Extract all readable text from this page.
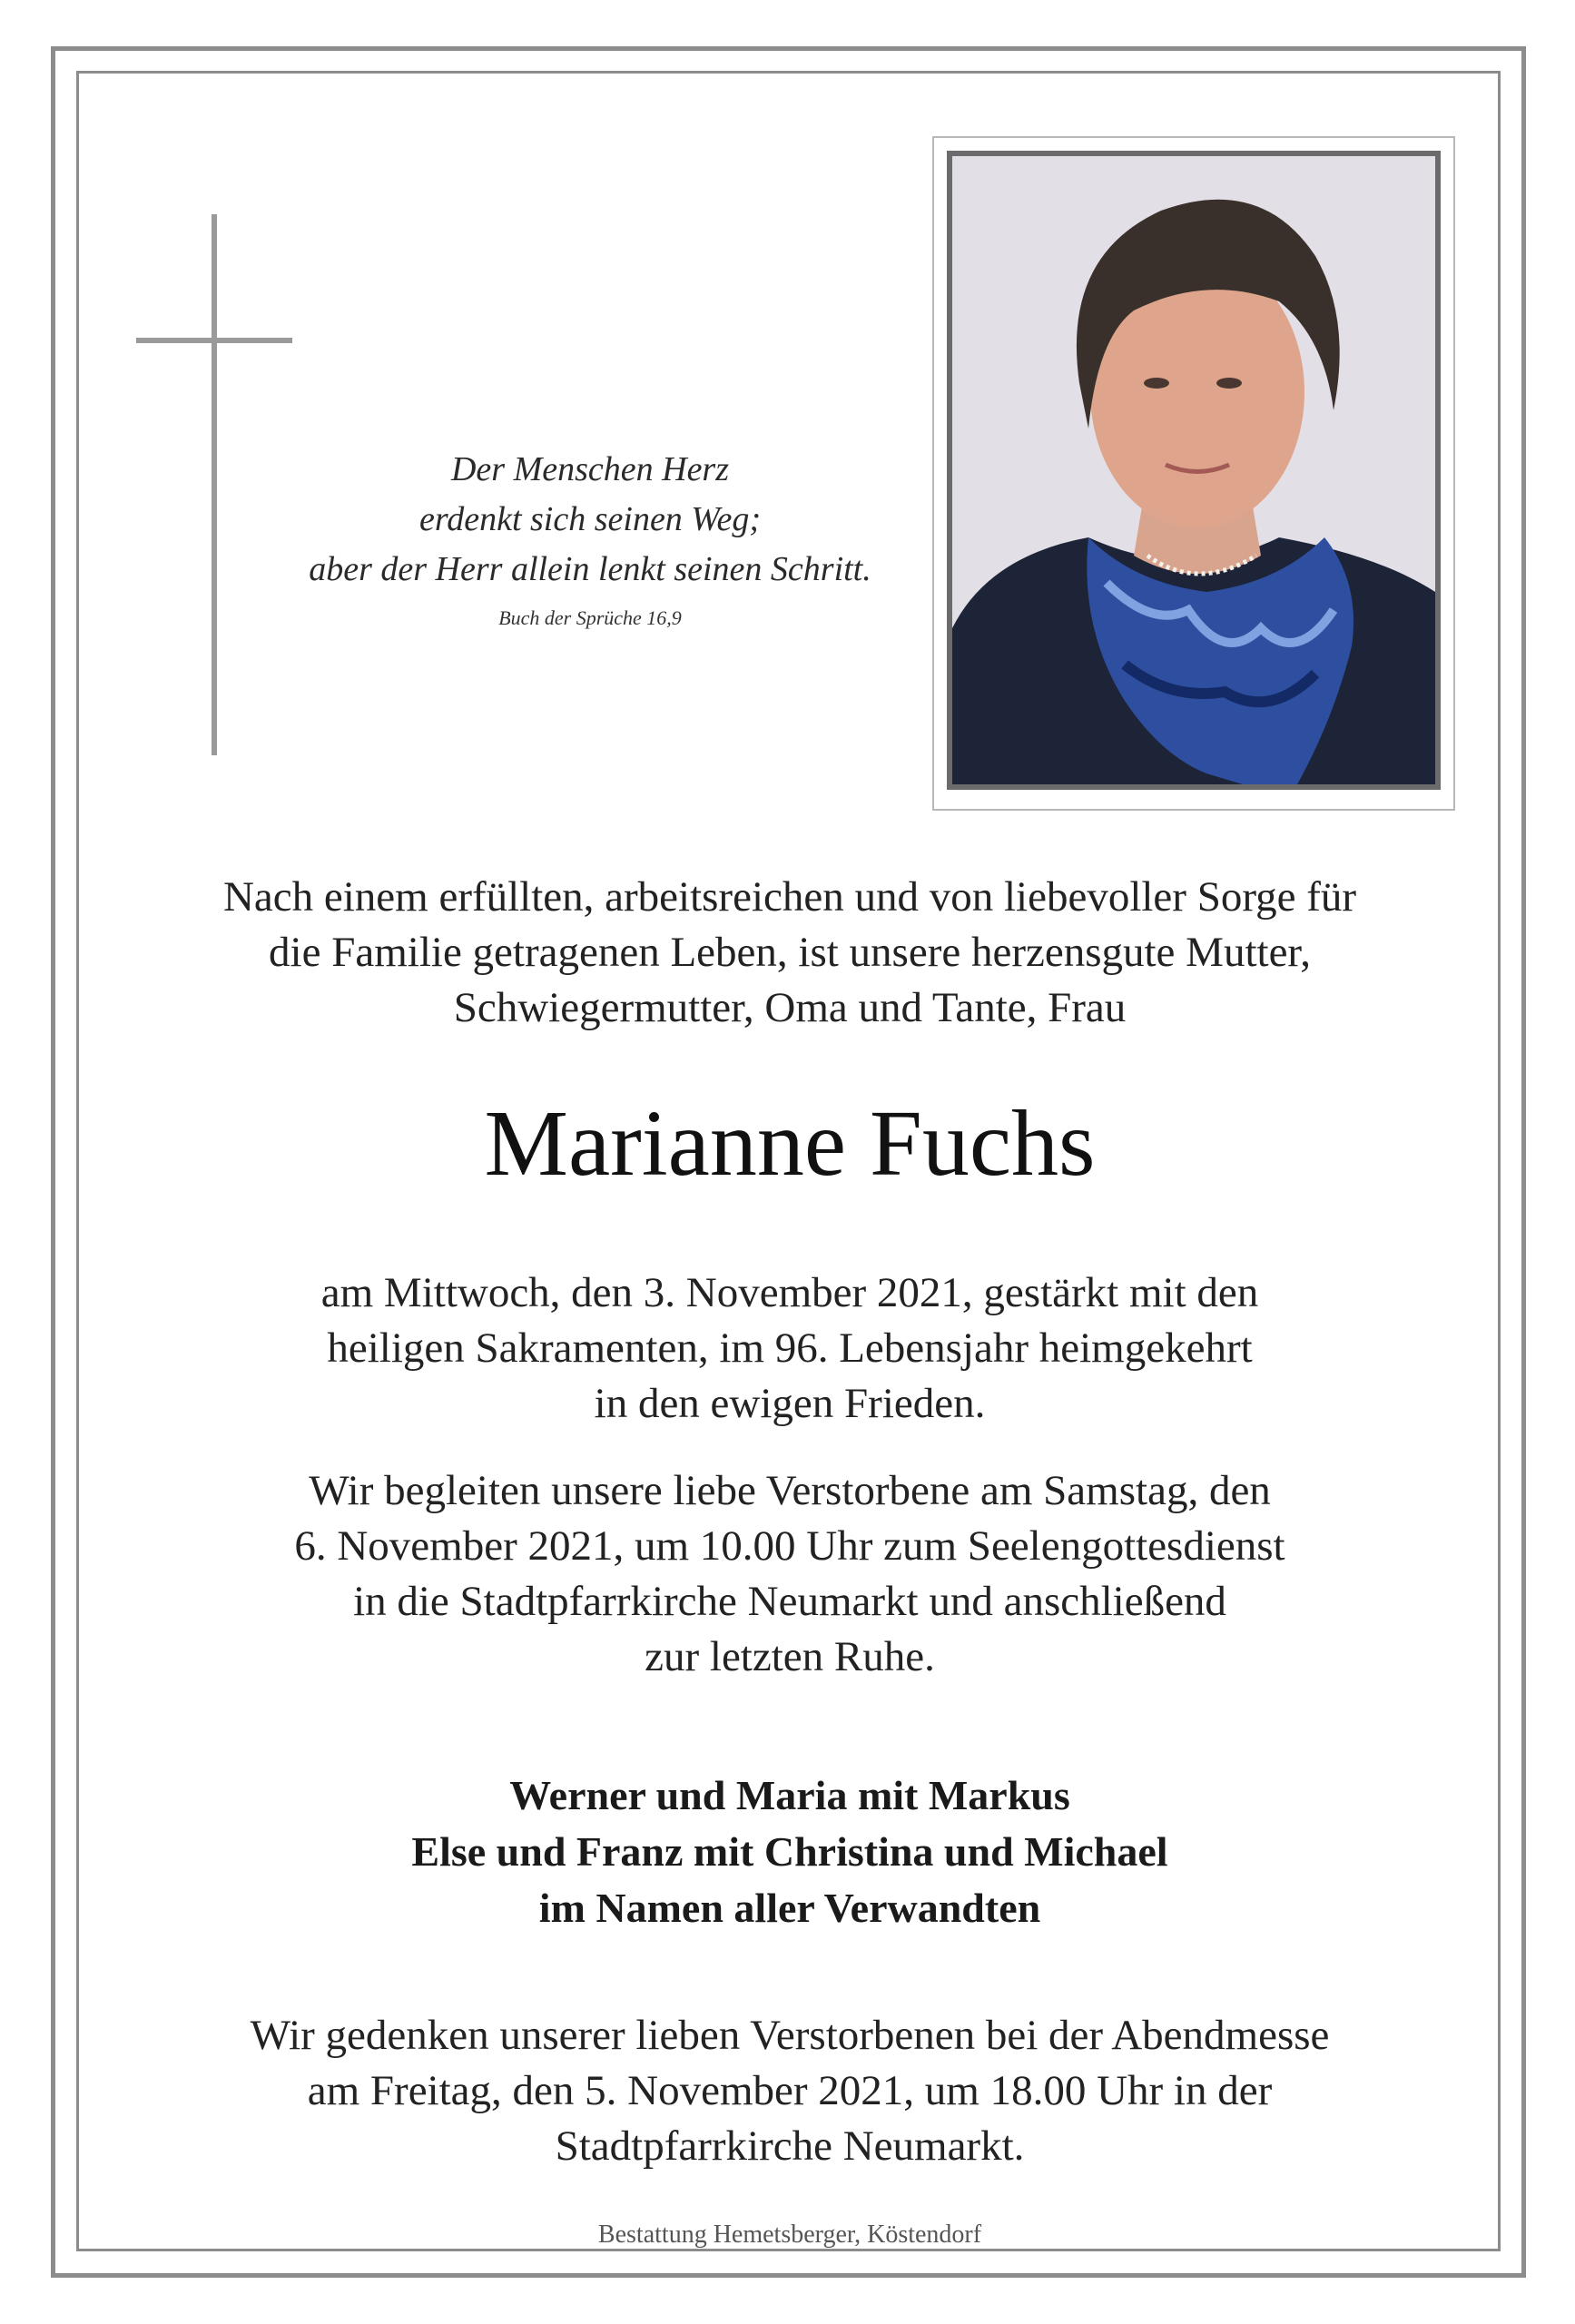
Der Menschen Herz
erdenkt sich seinen Weg;
aber der Herr allein lenkt seinen Schritt.
Buch der Sprüche 16,9
Nach einem erfüllten, arbeitsreichen und von liebevoller Sorge für
die Familie getragenen Leben, ist unsere herzensgute Mutter,
Schwiegermutter, Oma und Tante, Frau
Marianne Fuchs
am Mittwoch, den 3. November 2021, gestärkt mit den
heiligen Sakramenten, im 96. Lebensjahr heimgekehrt
in den ewigen Frieden.
Wir begleiten unsere liebe Verstorbene am Samstag, den
6. November 2021, um 10.00 Uhr zum Seelengottesdienst
in die Stadtpfarrkirche Neumarkt und anschließend
zur letzten Ruhe.
Werner und Maria mit Markus
Else und Franz mit Christina und Michael
im Namen aller Verwandten
Wir gedenken unserer lieben Verstorbenen bei der Abendmesse
am Freitag, den 5. November 2021, um 18.00 Uhr in der
Stadtpfarrkirche Neumarkt.
Bestattung Hemetsberger, Köstendorf
